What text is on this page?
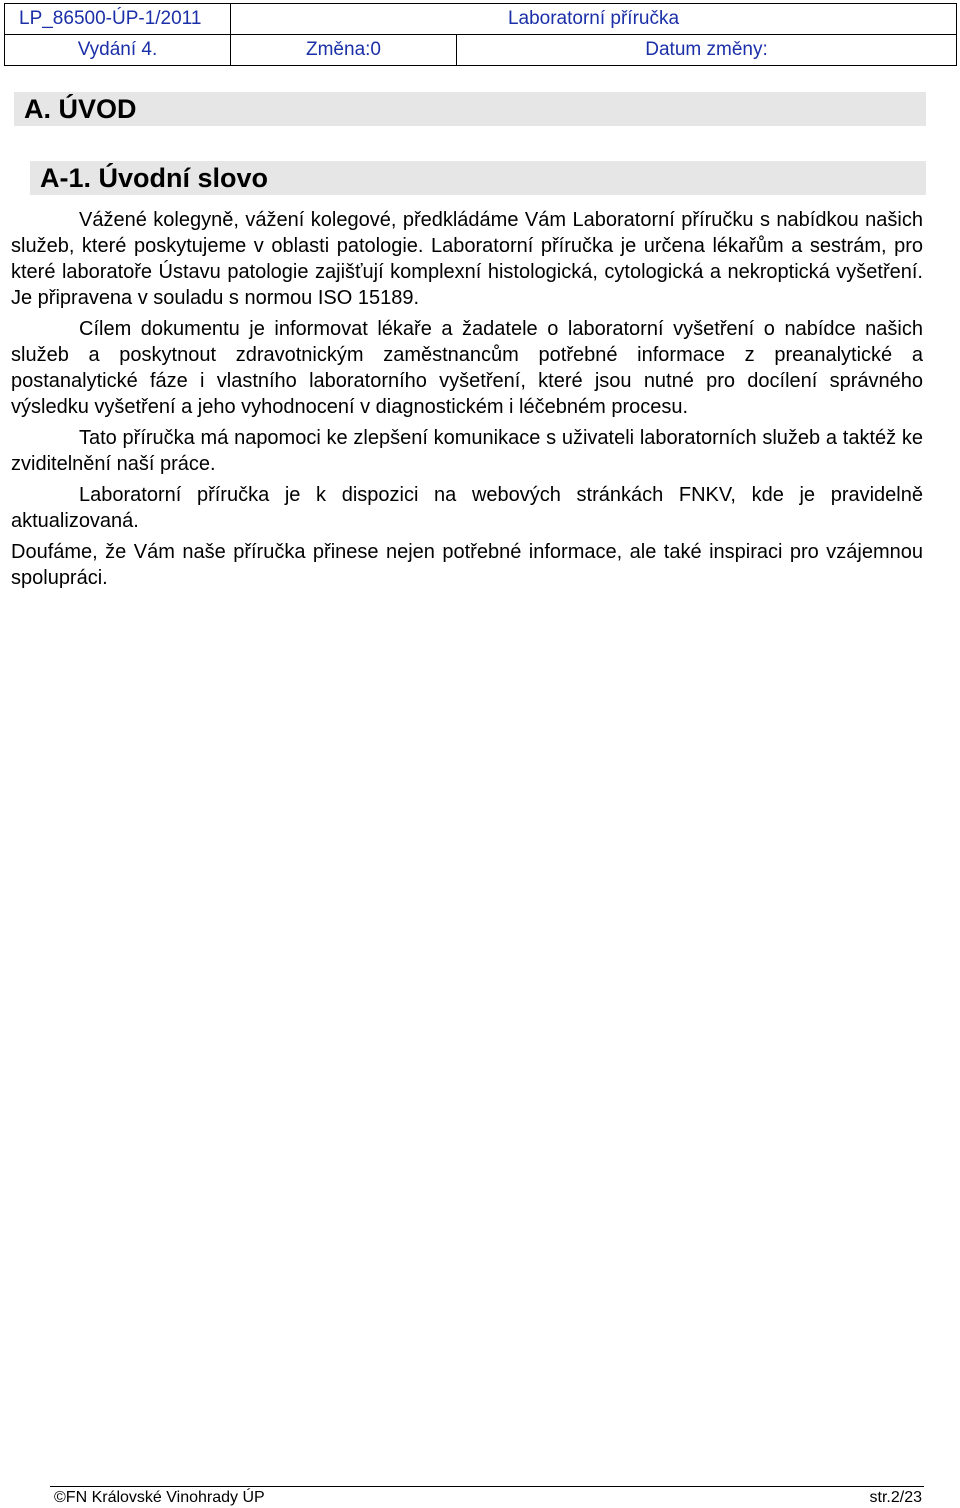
LP_86500-ÚP-1/2011	Laboratorní příručka	
Vydání 4.	Změna:0	Datum změny:
A. ÚVOD
A-1. Úvodní slovo

Vážené kolegyně, vážení kolegové, předkládáme Vám Laboratorní příručku s nabídkou našich služeb, které poskytujeme v oblasti patologie. Laboratorní příručka je určena lékařům a sestrám, pro které laboratoře Ústavu patologie zajišťují komplexní histologická, cytologická a nekroptická vyšetření. Je připravena v souladu s normou ISO 15189.

Cílem dokumentu je informovat lékaře a žadatele o laboratorní vyšetření o nabídce našich služeb a poskytnout zdravotnickým zaměstnancům potřebné informace z preanalytické a postanalytické fáze i vlastního laboratorního vyšetření, které jsou nutné pro docílení správného výsledku vyšetření a jeho vyhodnocení v diagnostickém i léčebném procesu.

Tato příručka má napomoci ke zlepšení komunikace s uživateli laboratorních služeb a taktéž ke zviditelnění naší práce.

Laboratorní příručka je k dispozici na webových stránkách FNKV, kde je pravidelně aktualizovaná.

Doufáme, že Vám naše příručka přinese nejen potřebné informace, ale také inspiraci pro vzájemnou spolupráci.

©FN Královské Vinohrady ÚP	str.2/23
